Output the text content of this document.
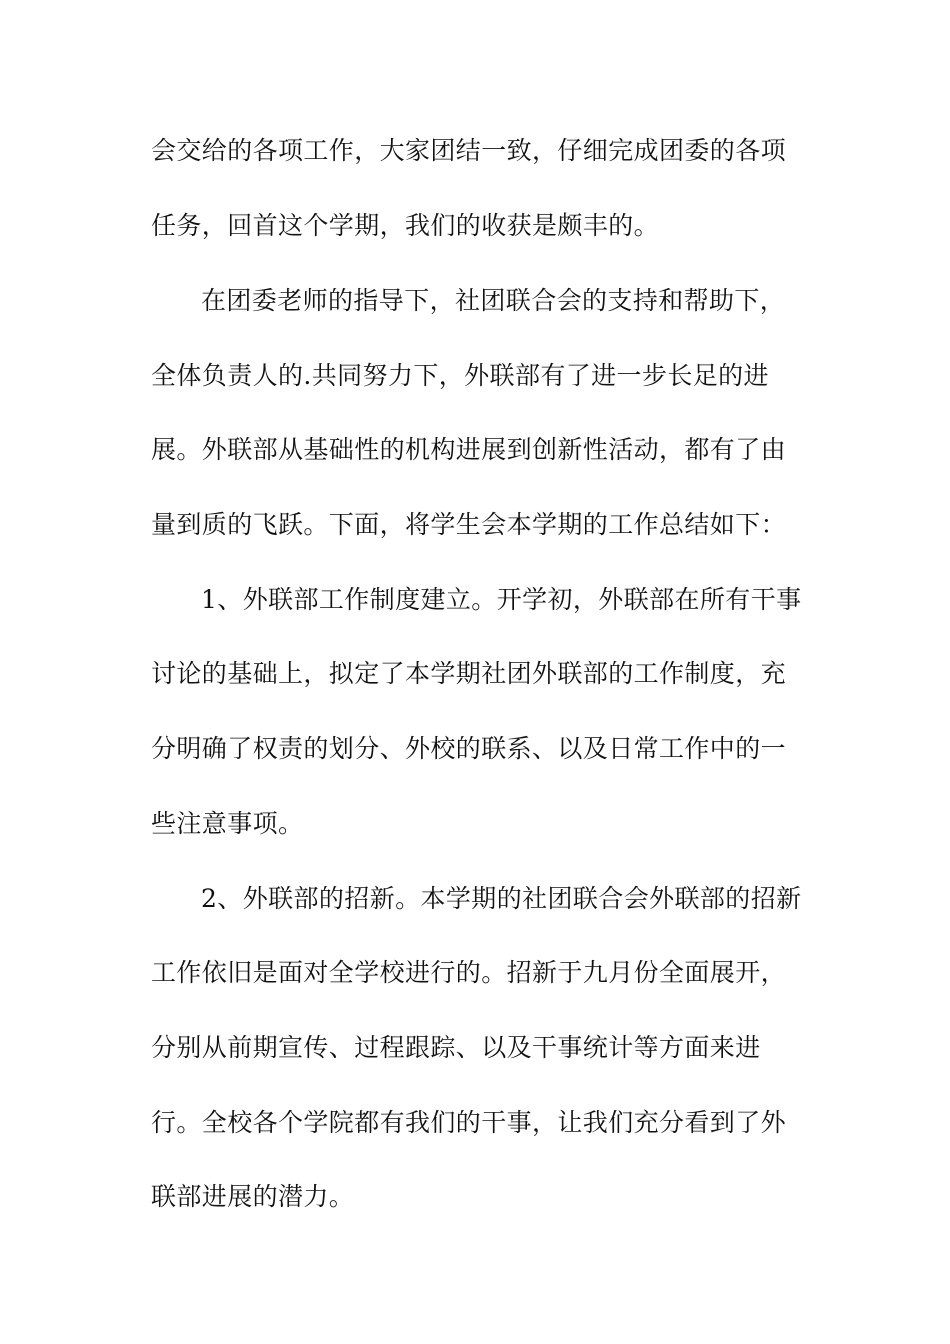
会交给的各项工作，大家团结一致，仔细完成团委的各项
任务，回首这个学期，我们的收获是颇丰的。
在团委老师的指导下，社团联合会的支持和帮助下，
全体负责人的.共同努力下，外联部有了进一步长足的进
展。外联部从基础性的机构进展到创新性活动，都有了由
量到质的飞跃。下面，将学生会本学期的工作总结如下：
1、外联部工作制度建立。开学初，外联部在所有干事
讨论的基础上，拟定了本学期社团外联部的工作制度，充
分明确了权责的划分、外校的联系、以及日常工作中的一
些注意事项。
2、外联部的招新。本学期的社团联合会外联部的招新
工作依旧是面对全学校进行的。招新于九月份全面展开，
分别从前期宣传、过程跟踪、以及干事统计等方面来进
行。全校各个学院都有我们的干事，让我们充分看到了外
联部进展的潜力。
